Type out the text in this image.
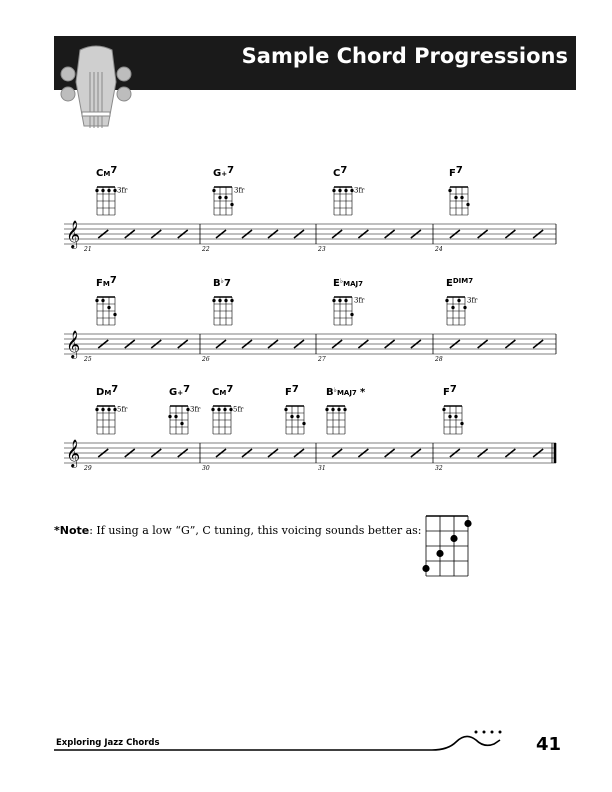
Sample Chord Progressions
𝄞
21	22	23	24
CM7
3fr
G+7
3fr
C7
3fr
F7
𝄞
25	26	27	28
FM7	B♭7	$E^♭_{MAJ7}$
3fr
$E^{DIM7}$
3fr
𝄞
29	30	31	32
DM7
5fr
G+7
3fr
CM7
5fr
F7	$B^♭_{MAJ7}$ *	F7
*Note: If using a low “G”, C tuning, this voicing sounds better as:
Exploring Jazz Chords	41
